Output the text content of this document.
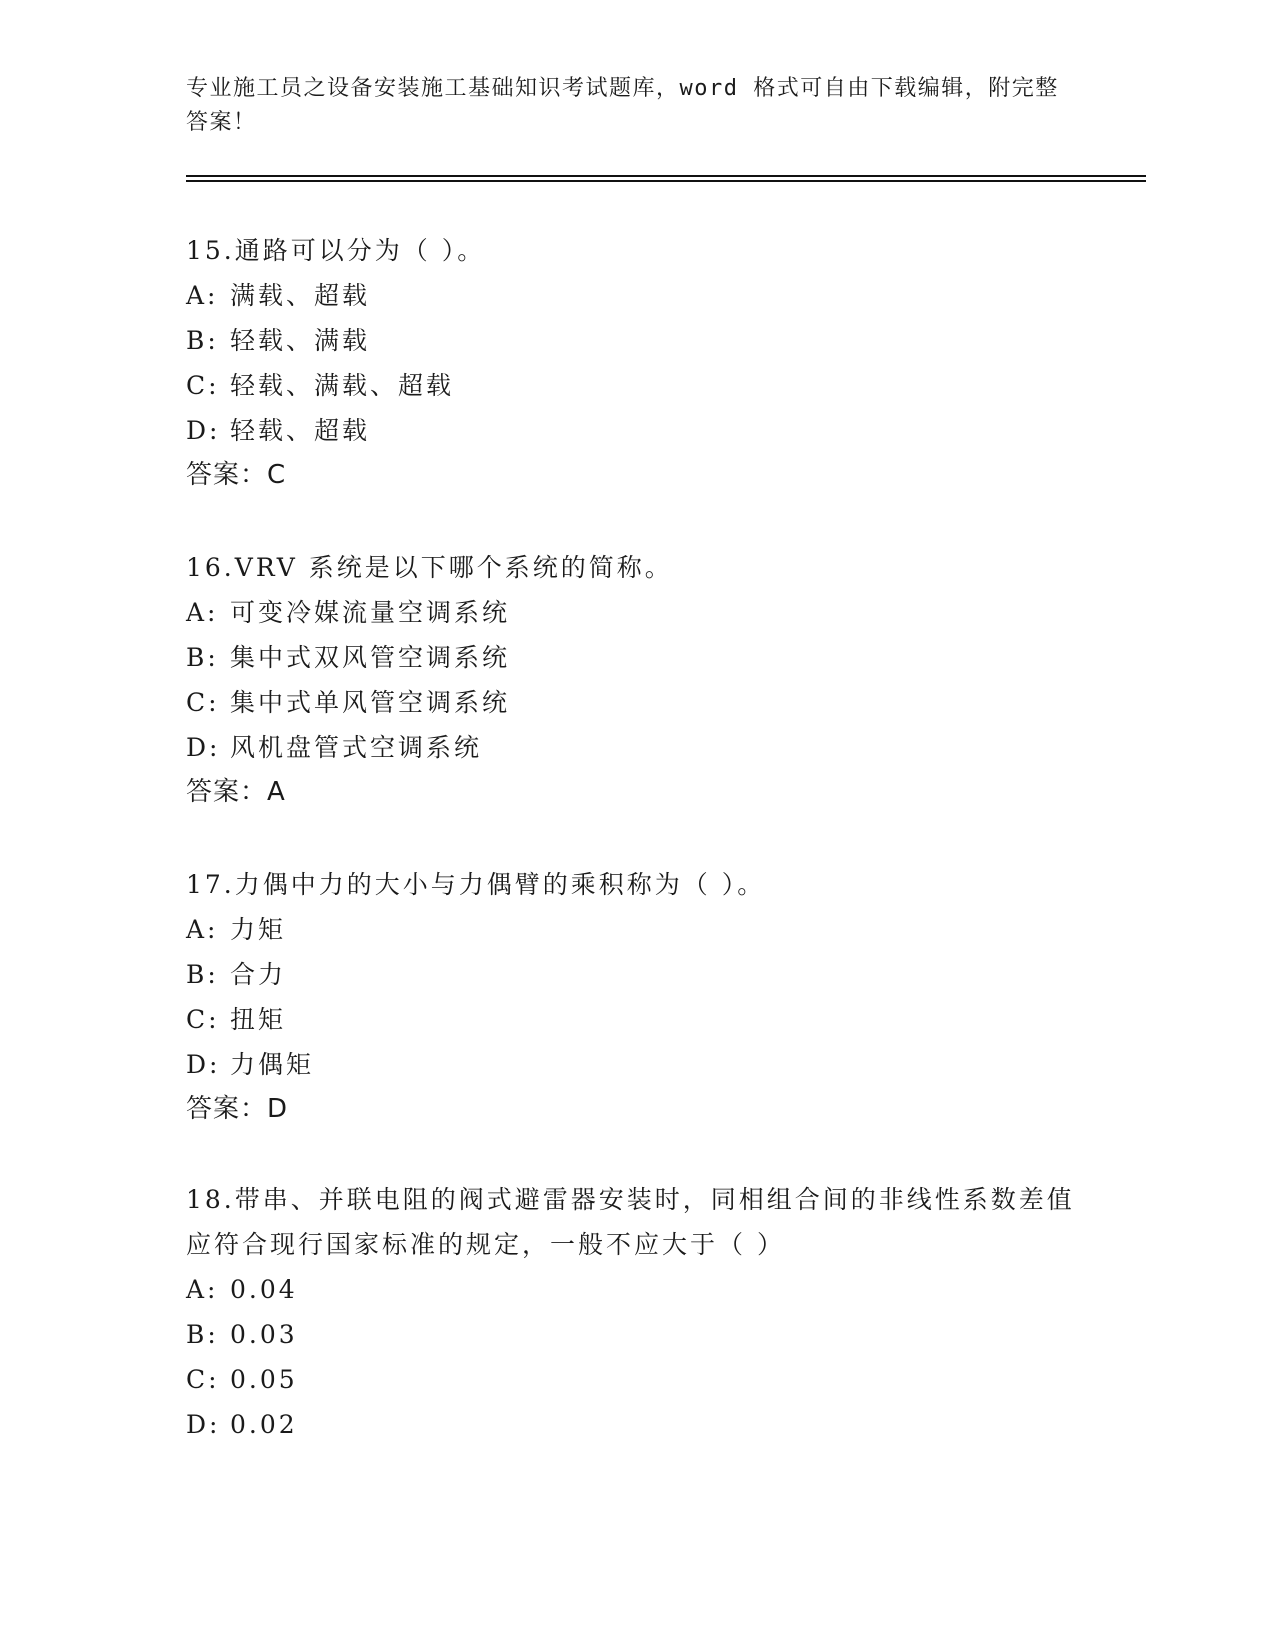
专业施工员之设备安装施工基础知识考试题库，word 格式可自由下载编辑，附完整答案！

15.通路可以分为（ ）。

A: 满载、超载

B: 轻载、满载

C: 轻载、满载、超载

D: 轻载、超载

答案：C

16.VRV 系统是以下哪个系统的简称。

A: 可变冷媒流量空调系统

B: 集中式双风管空调系统

C: 集中式单风管空调系统

D: 风机盘管式空调系统

答案：A

17.力偶中力的大小与力偶臂的乘积称为（ ）。

A: 力矩

B: 合力

C: 扭矩

D: 力偶矩

答案：D

18.带串、并联电阻的阀式避雷器安装时，同相组合间的非线性系数差值应符合现行国家标准的规定，一般不应大于（ ）

A: 0.04

B: 0.03

C: 0.05

D: 0.02
